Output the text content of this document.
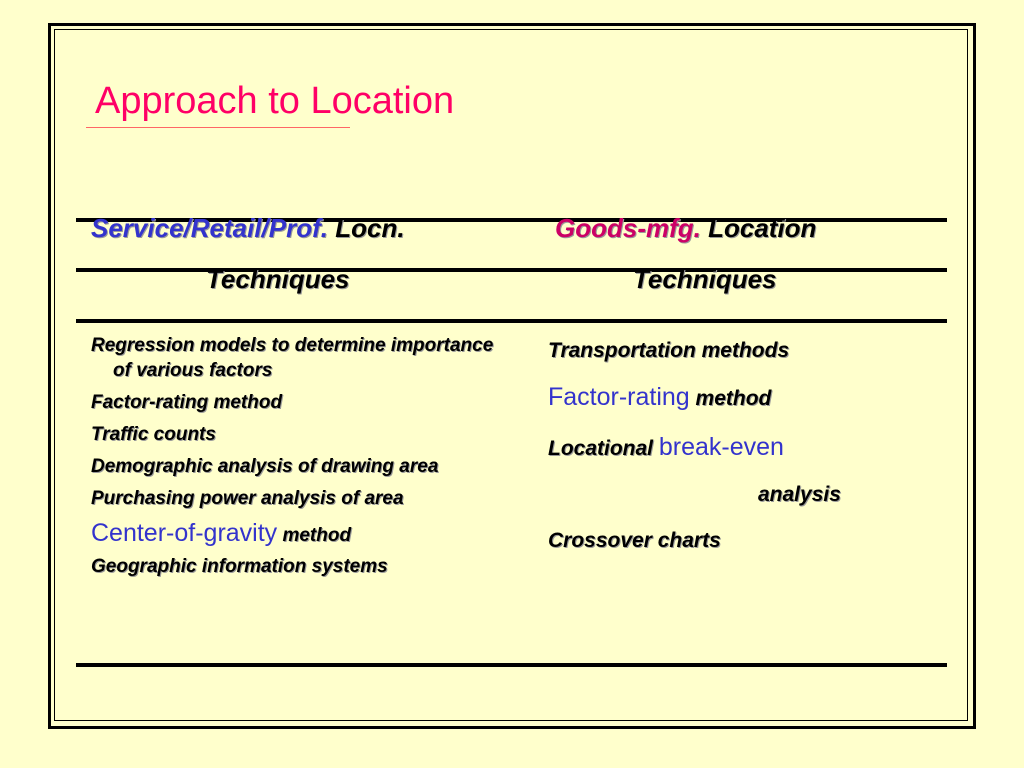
Approach to Location
Service/Retail/Prof. Locn.
Techniques
Goods-mfg. Location
Techniques
Regression models to determine importance of various factors
Factor-rating method
Traffic counts
Demographic analysis of drawing area
Purchasing power analysis of area
Center-of-gravity method
Geographic information systems
Transportation methods
Factor-rating method
Locational break-even
analysis
Crossover charts
